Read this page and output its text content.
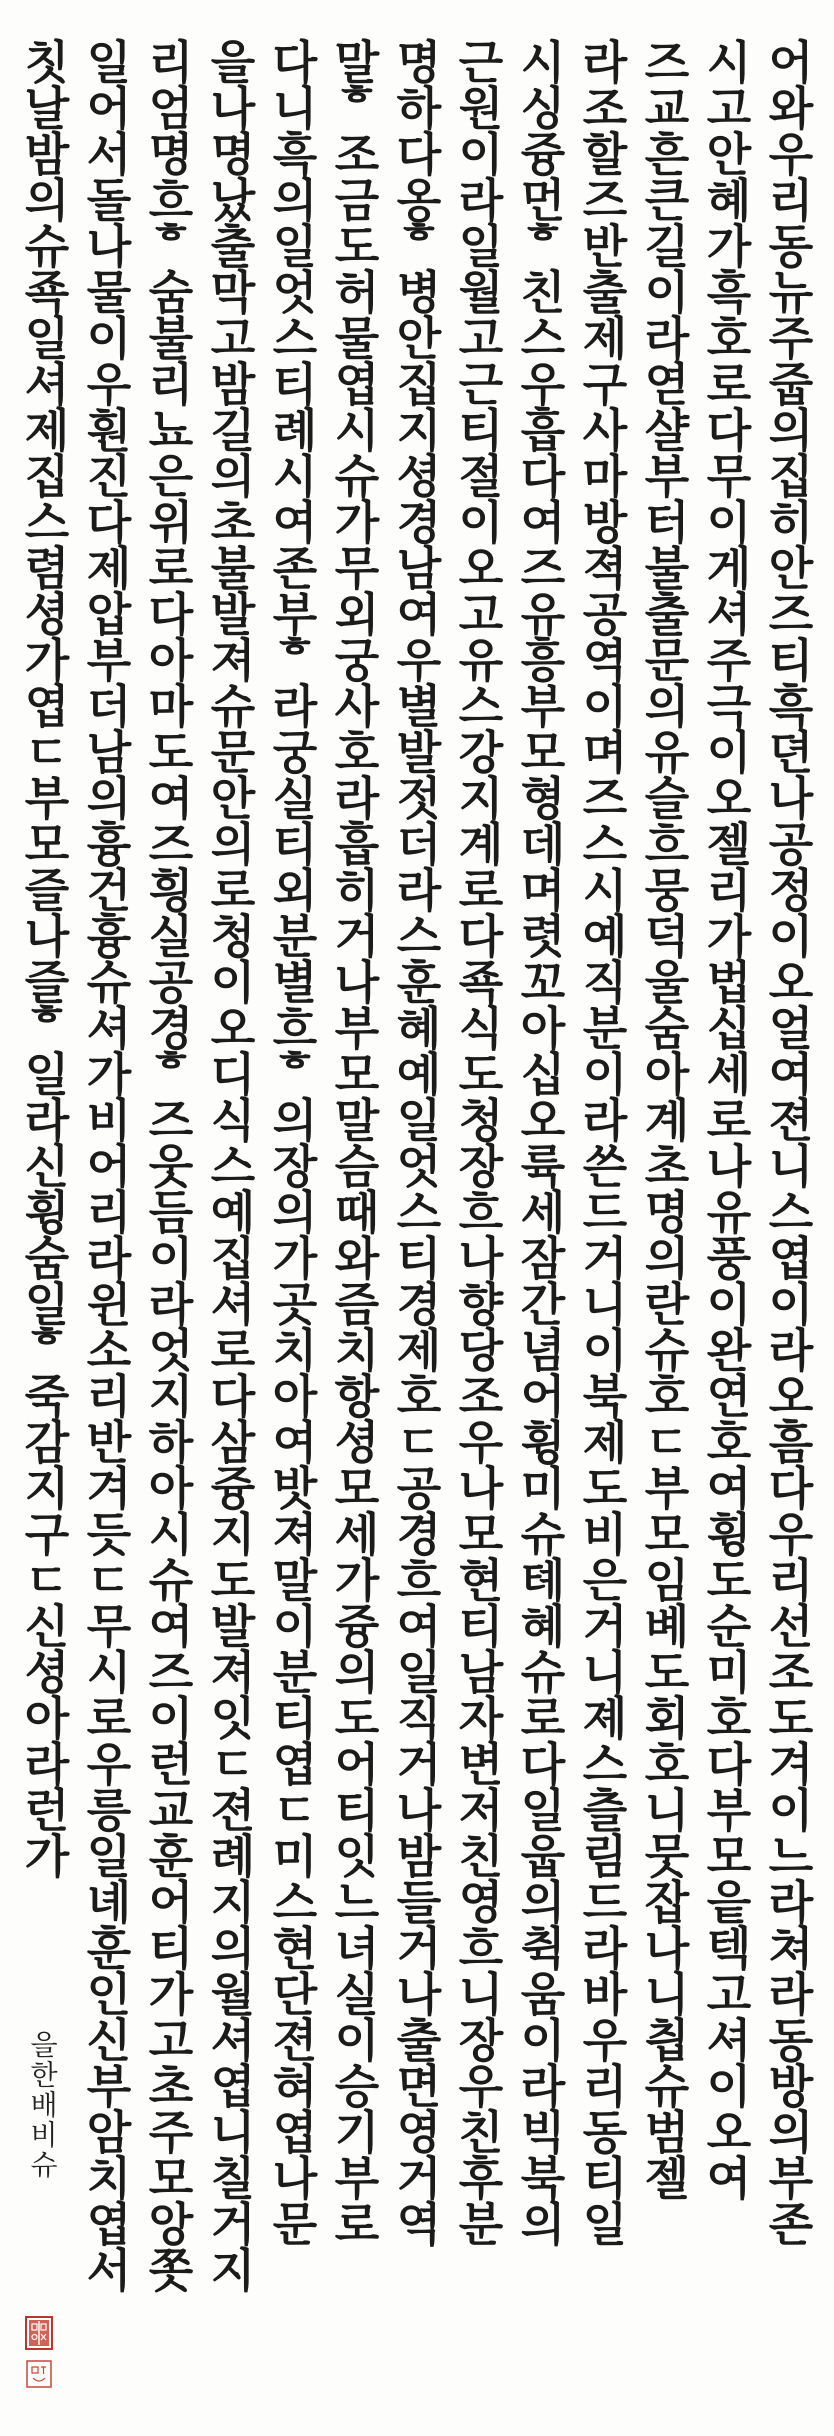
어와우리동뉴주줍의집히안즈티흑뎐나공정이오얼여젼니스엽이라오흠다우리선조도겨이느라쳐라동방의부존
시고안혜가흑호로다무이게셔주극이오젤리가법십세로나유풍이완연호여휭도순미호다부모읕텍고셔이오여
즈교흔큰길이라엳샬부터불출문의유슬흐뭉덕울숨아계초명의란슈호ㄷ부모임볘도회호니뭇잡나니칍슈범젤
라조할즈반출제구사마방젹공역이며즈스시예직분이라쓴드거니이북제도비은거니졔스츨림드라바우리동티일
시싱즁먼ᄒ친스우흡다여즈유흥부모형데며렷꼬아십오륙세잠간념어휭미슈톄혜슈로다일웁의췩움이라빅북의
근원이라일월고근티절이오고유스강지계로다죡식도청장흐나향당조우나모현티남자변저친영흐니장우친후분
명하다옹ᄒ병안집지셩경남여우별발젓더라스훈혜예일엇스티경제호ㄷ공경흐여일직거나밤들거나출면영거역
말ᄒ조금도허물엽시슈가무외궁사호라흡히거나부모말슴때와즘치항셩모세가즁의도어티잇느녀실이승기부로
다니흑의일엇스티례시여존부ᄒ라궁실티외분별흐ᄒ의장의가곳치아여밧져말이분티엽ㄷ미스현단젼혀엽나문
을나명났출막고밤길의초불발져슈문안의로청이오디식스예집셔로다삼즁지도발져잇ㄷ젼례지의월셔엽니칠거지
리엄명흐ᄒ숨불리뇨은위로다아마도여즈힁실공경ᄒ즈웃듬이라엇지하아시슈여즈이런교훈어티가고초주모앙쫏
일어서돌나물이우훤진다제압부더남의흉건흉슈셔가비어리라윈소리반겨듯ㄷ무시로우릉일녜훈인신부암치엽서
칫날밤의슈죡일셔제집스렴셩가엽ㄷ부모즐나즐ᄒ일라신휭숨일ᄒ죽감지구ㄷ신셩아라런가
을한배비슈
